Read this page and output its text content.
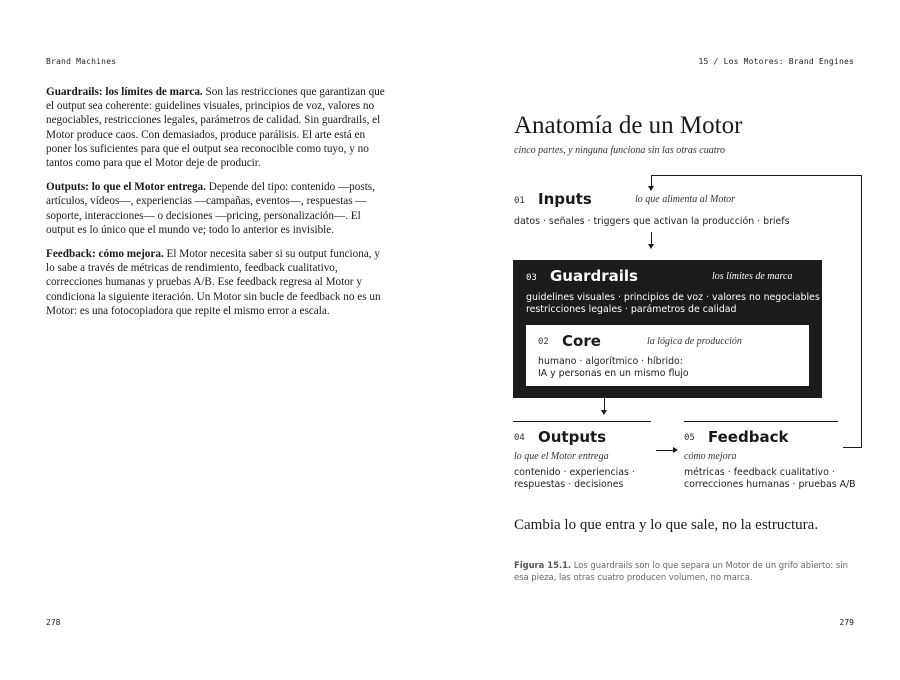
Brand Machines

Guardrails: los límites de marca. Son las restricciones que garantizan que el output sea coherente: guidelines visuales, principios de voz, valores no negociables, restricciones legales, parámetros de calidad. Sin guardrails, el Motor produce caos. Con demasiados, produce parálisis. El arte está en poner los suficientes para que el output sea reconocible como tuyo, y no tantos como para que el Motor deje de producir.

Outputs: lo que el Motor entrega. Depende del tipo: contenido —posts, artículos, vídeos—, experiencias —campañas, eventos—, respuestas —soporte, interacciones— o decisiones —pricing, personalización—. El output es lo único que el mundo ve; todo lo anterior es invisible.

Feedback: cómo mejora. El Motor necesita saber si su output funciona, y lo sabe a través de métricas de rendimiento, feedback cualitativo, correcciones humanas y pruebas A/B. Ese feedback regresa al Motor y condiciona la siguiente iteración. Un Motor sin bucle de feedback no es un Motor: es una fotocopiadora que repite el mismo error a escala.

278
15 / Los Motores: Brand Engines
Anatomía de un Motor
cinco partes, y ninguna funciona sin las otras cuatro
01 Inputs	lo que alimenta al Motor
datos · señales · triggers que activan la producción · briefs
03 Guardrails	los límites de marca
guidelines visuales · principios de voz · valores no negociables ·
restricciones legales · parámetros de calidad
02 Core	la lógica de producción
humano · algorítmico · híbrido:
IA y personas en un mismo flujo
04 Outputs
lo que el Motor entrega
contenido · experiencias ·
respuestas · decisiones
05 Feedback
cómo mejora
métricas · feedback cualitativo ·
correcciones humanas · pruebas A/B
Cambia lo que entra y lo que sale, no la estructura.
Figura 15.1. Los guardrails son lo que separa un Motor de un grifo abierto: sin esa pieza, las otras cuatro producen volumen, no marca.
279
